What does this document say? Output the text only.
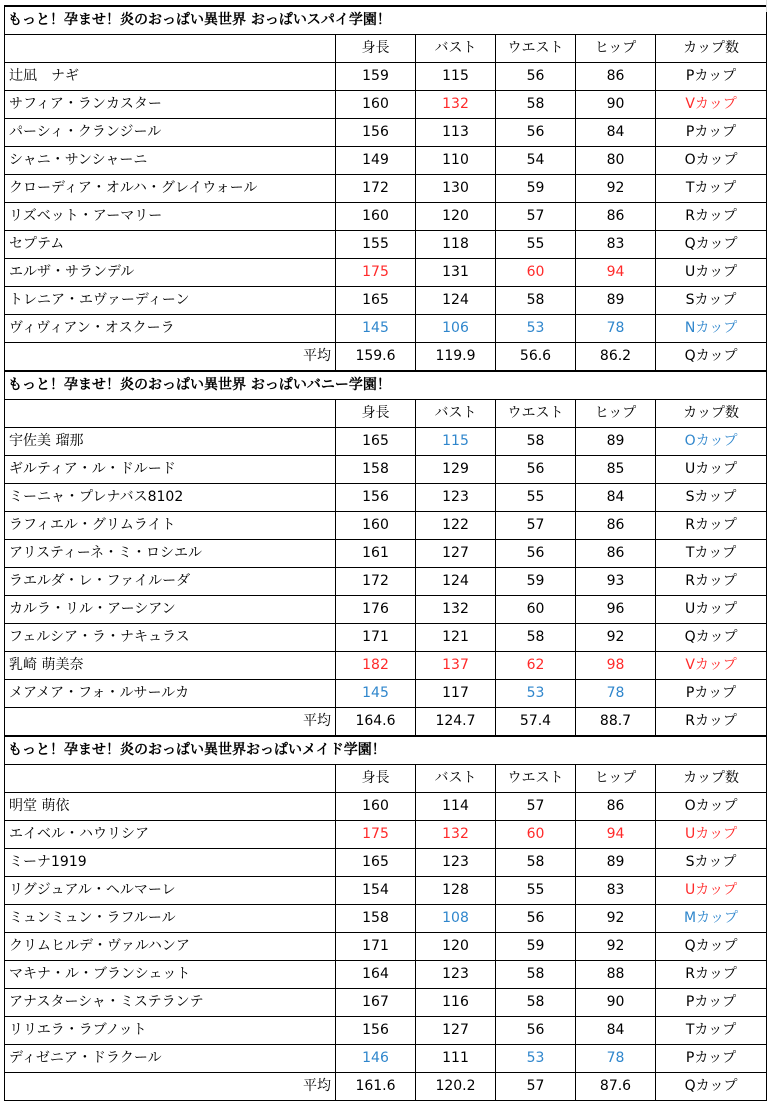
もっと！孕ませ！炎のおっぱい異世界 おっぱいスパイ学園！					
	身長	バスト	ウエスト	ヒップ	カップ数
辻凪　ナギ	159	115	56	86	Pカップ
サフィア・ランカスター	160	132	58	90	Vカップ
パーシィ・クランジール	156	113	56	84	Pカップ
シャニ・サンシャーニ	149	110	54	80	Oカップ
クローディア・オルハ・グレイウォール	172	130	59	92	Tカップ
リズベット・アーマリー	160	120	57	86	Rカップ
セプテム	155	118	55	83	Qカップ
エルザ・サランデル	175	131	60	94	Uカップ
トレニア・エヴァーディーン	165	124	58	89	Sカップ
ヴィヴィアン・オスクーラ	145	106	53	78	Nカップ
平均	159.6	119.9	56.6	86.2	Qカップ
もっと！孕ませ！炎のおっぱい異世界 おっぱいバニー学園！					
	身長	バスト	ウエスト	ヒップ	カップ数
宇佐美 瑠那	165	115	58	89	Oカップ
ギルティア・ル・ドルード	158	129	56	85	Uカップ
ミーニャ・プレナバス8102	156	123	55	84	Sカップ
ラフィエル・グリムライト	160	122	57	86	Rカップ
アリスティーネ・ミ・ロシエル	161	127	56	86	Tカップ
ラエルダ・レ・ファイルーダ	172	124	59	93	Rカップ
カルラ・リル・アーシアン	176	132	60	96	Uカップ
フェルシア・ラ・ナキュラス	171	121	58	92	Qカップ
乳崎 萌美奈	182	137	62	98	Vカップ
メアメア・フォ・ルサールカ	145	117	53	78	Pカップ
平均	164.6	124.7	57.4	88.7	Rカップ
もっと！孕ませ！炎のおっぱい異世界おっぱいメイド学園！					
	身長	バスト	ウエスト	ヒップ	カップ数
明堂 萌依	160	114	57	86	Oカップ
エイベル・ハウリシア	175	132	60	94	Uカップ
ミーナ1919	165	123	58	89	Sカップ
リグジュアル・ヘルマーレ	154	128	55	83	Uカップ
ミュンミュン・ラフルール	158	108	56	92	Mカップ
クリムヒルデ・ヴァルハンア	171	120	59	92	Qカップ
マキナ・ル・ブランシェット	164	123	58	88	Rカップ
アナスターシャ・ミステランテ	167	116	58	90	Pカップ
リリエラ・ラブノット	156	127	56	84	Tカップ
ディゼニア・ドラクール	146	111	53	78	Pカップ
平均	161.6	120.2	57	87.6	Qカップ
